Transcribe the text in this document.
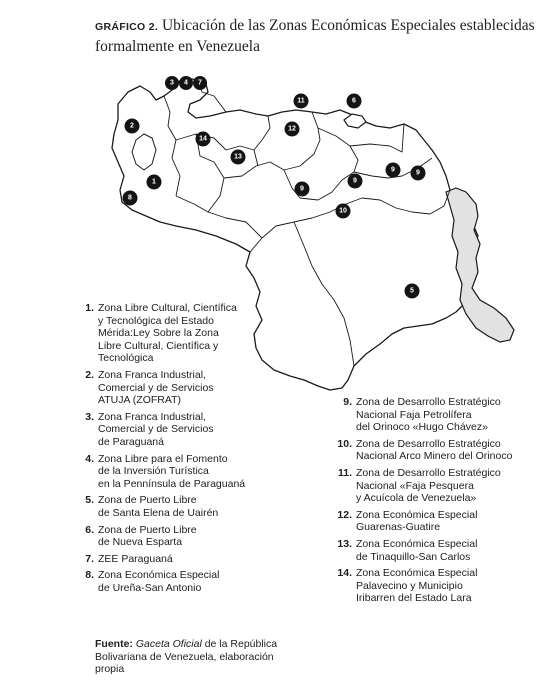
GRÁFICO 2. Ubicación de las Zonas Económicas Especiales establecidas formalmente en Venezuela
1
2
3 4
5
6
7
8
9
9
9	9
10
11
12
13
14
1. Zona Libre Cultural, Científica
y Tecnológica del Estado
Mérida:Ley Sobre la Zona
Libre Cultural, Científica y
Tecnológica
2. Zona Franca Industrial,
Comercial y de Servicios
ATUJA (ZOFRAT)
3. Zona Franca Industrial,
Comercial y de Servicios
de Paraguaná
4. Zona Libre para el Fomento
de la Inversión Turística
en la Pennínsula de Paraguaná
5. Zona de Puerto Libre
de Santa Elena de Uairén
6. Zona de Puerto Libre
de Nueva Esparta
7. ZEE Paraguaná
8. Zona Económica Especial
de Ureña-San Antonio
9. Zona de Desarrollo Estratégico
Nacional Faja Petrolífera
del Orinoco «Hugo Chávez»
10. Zona de Desarrollo Estratégico
Nacional Arco Minero del Orinoco
11. Zona de Desarrollo Estratégico
Nacional «Faja Pesquera
y Acuícola de Venezuela»
12. Zona Económica Especial
Guarenas-Guatire
13. Zona Económica Especial
de Tinaquillo-San Carlos
14. Zona Económica Especial
Palavecino y Municipio
Iribarren del Estado Lara
Fuente: Gaceta Oficial de la República Bolivariana de Venezuela, elaboración propia
